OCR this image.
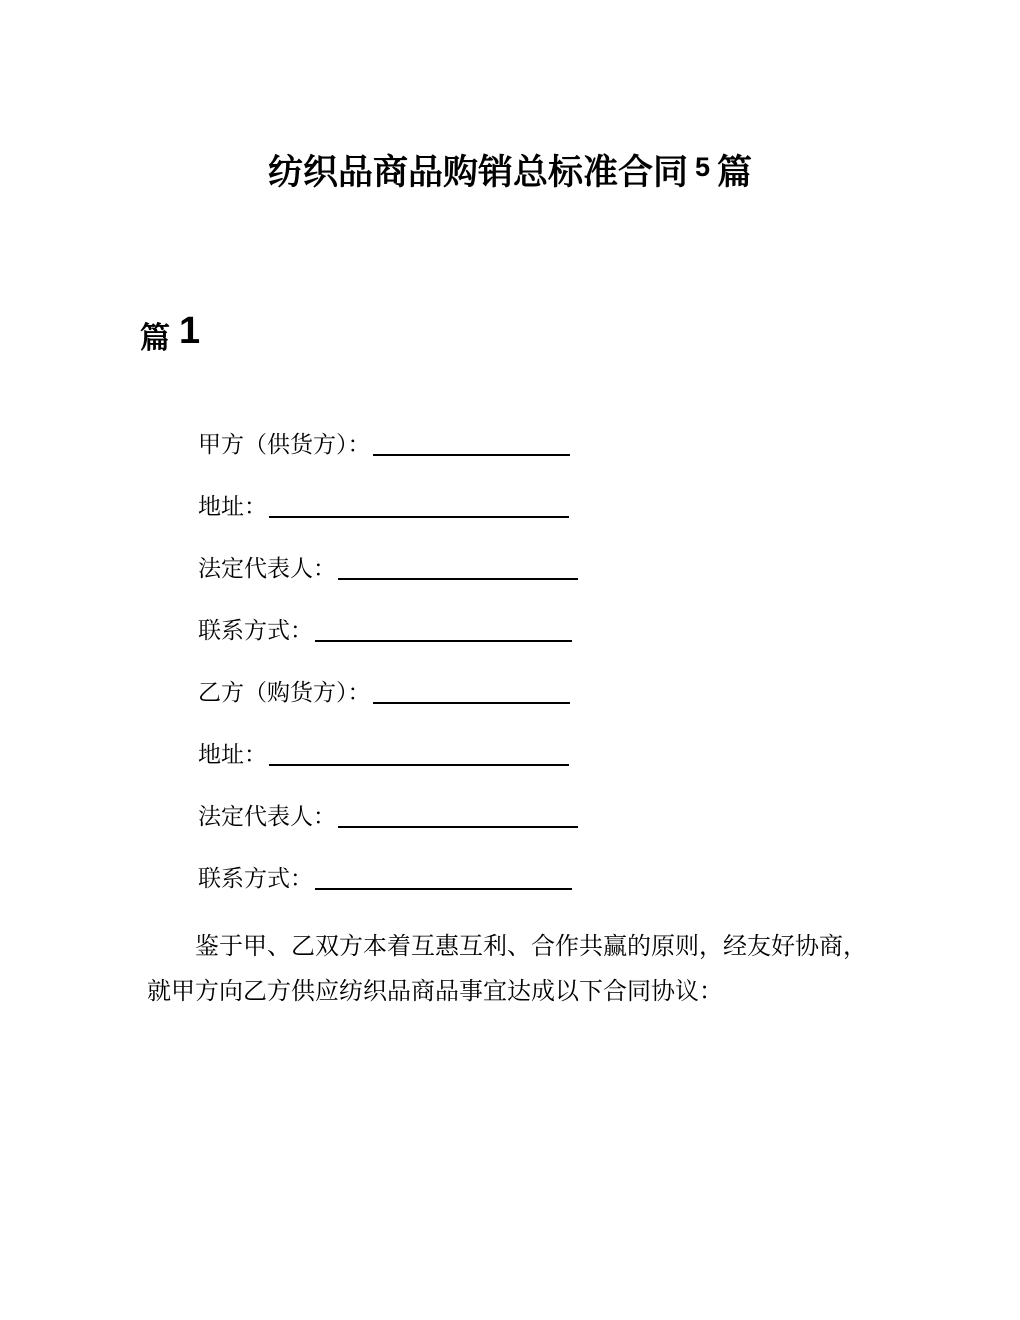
纺织品商品购销总标准合同 $^5$ 篇
篇 1
甲方（供货方）：
地址：
法定代表人：
联系方式：
乙方（购货方）：
地址：
法定代表人：
联系方式：

鉴于甲、乙双方本着互惠互利、合作共赢的原则，经友好协商，就甲方向乙方供应纺织品商品事宜达成以下合同协议：
